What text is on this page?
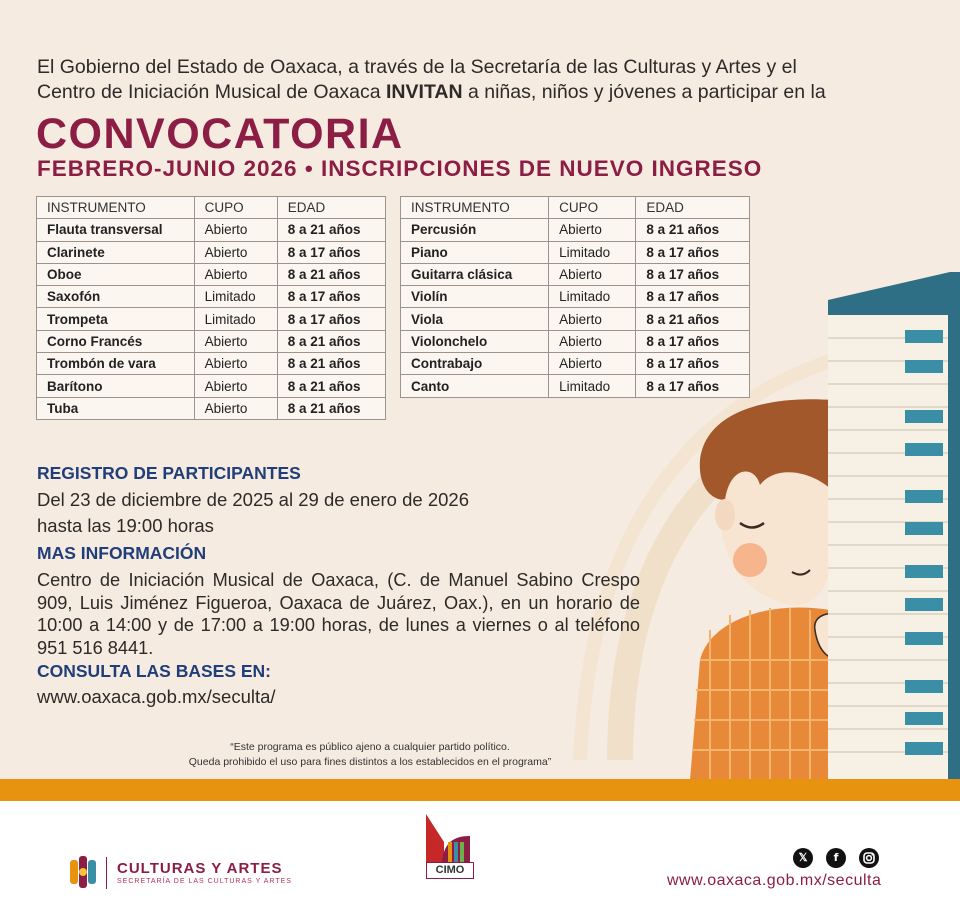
El Gobierno del Estado de Oaxaca, a través de la Secretaría de las Culturas y Artes y el
Centro de Iniciación Musical de Oaxaca INVITAN a niñas, niños y jóvenes a participar en la
CONVOCATORIA
FEBRERO-JUNIO 2026 • INSCRIPCIONES DE NUEVO INGRESO
INSTRUMENTO	CUPO	EDAD
Flauta transversal	Abierto	8 a 21 años
Clarinete	Abierto	8 a 17 años
Oboe	Abierto	8 a 21 años
Saxofón	Limitado	8 a 17 años
Trompeta	Limitado	8 a 17 años
Corno Francés	Abierto	8 a 21 años
Trombón de vara	Abierto	8 a 21 años
Barítono	Abierto	8 a 21 años
Tuba	Abierto	8 a 21 años
INSTRUMENTO	CUPO	EDAD
Percusión	Abierto	8 a 21 años
Piano	Limitado	8 a 17 años
Guitarra clásica	Abierto	8 a 17 años
Violín	Limitado	8 a 17 años
Viola	Abierto	8 a 21 años
Violonchelo	Abierto	8 a 17 años
Contrabajo	Abierto	8 a 17 años
Canto	Limitado	8 a 17 años
REGISTRO DE PARTICIPANTES
Del 23 de diciembre de 2025 al 29 de enero de 2026
hasta las 19:00 horas
MAS INFORMACIÓN
Centro de Iniciación Musical de Oaxaca, (C. de Manuel Sabino Crespo 909, Luis Jiménez Figueroa, Oaxaca de Juárez, Oax.), en un horario de 10:00 a 14:00 y de 17:00 a 19:00 horas, de lunes a viernes o al teléfono 951 516 8441.
CONSULTA LAS BASES EN:
www.oaxaca.gob.mx/seculta/
“Este programa es público ajeno a cualquier partido político.
Queda prohibido el uso para fines distintos a los establecidos en el programa”
CULTURAS Y ARTES
SECRETARÍA DE LAS CULTURAS Y ARTES
CIMO
𝕏	f
www.oaxaca.gob.mx/seculta
